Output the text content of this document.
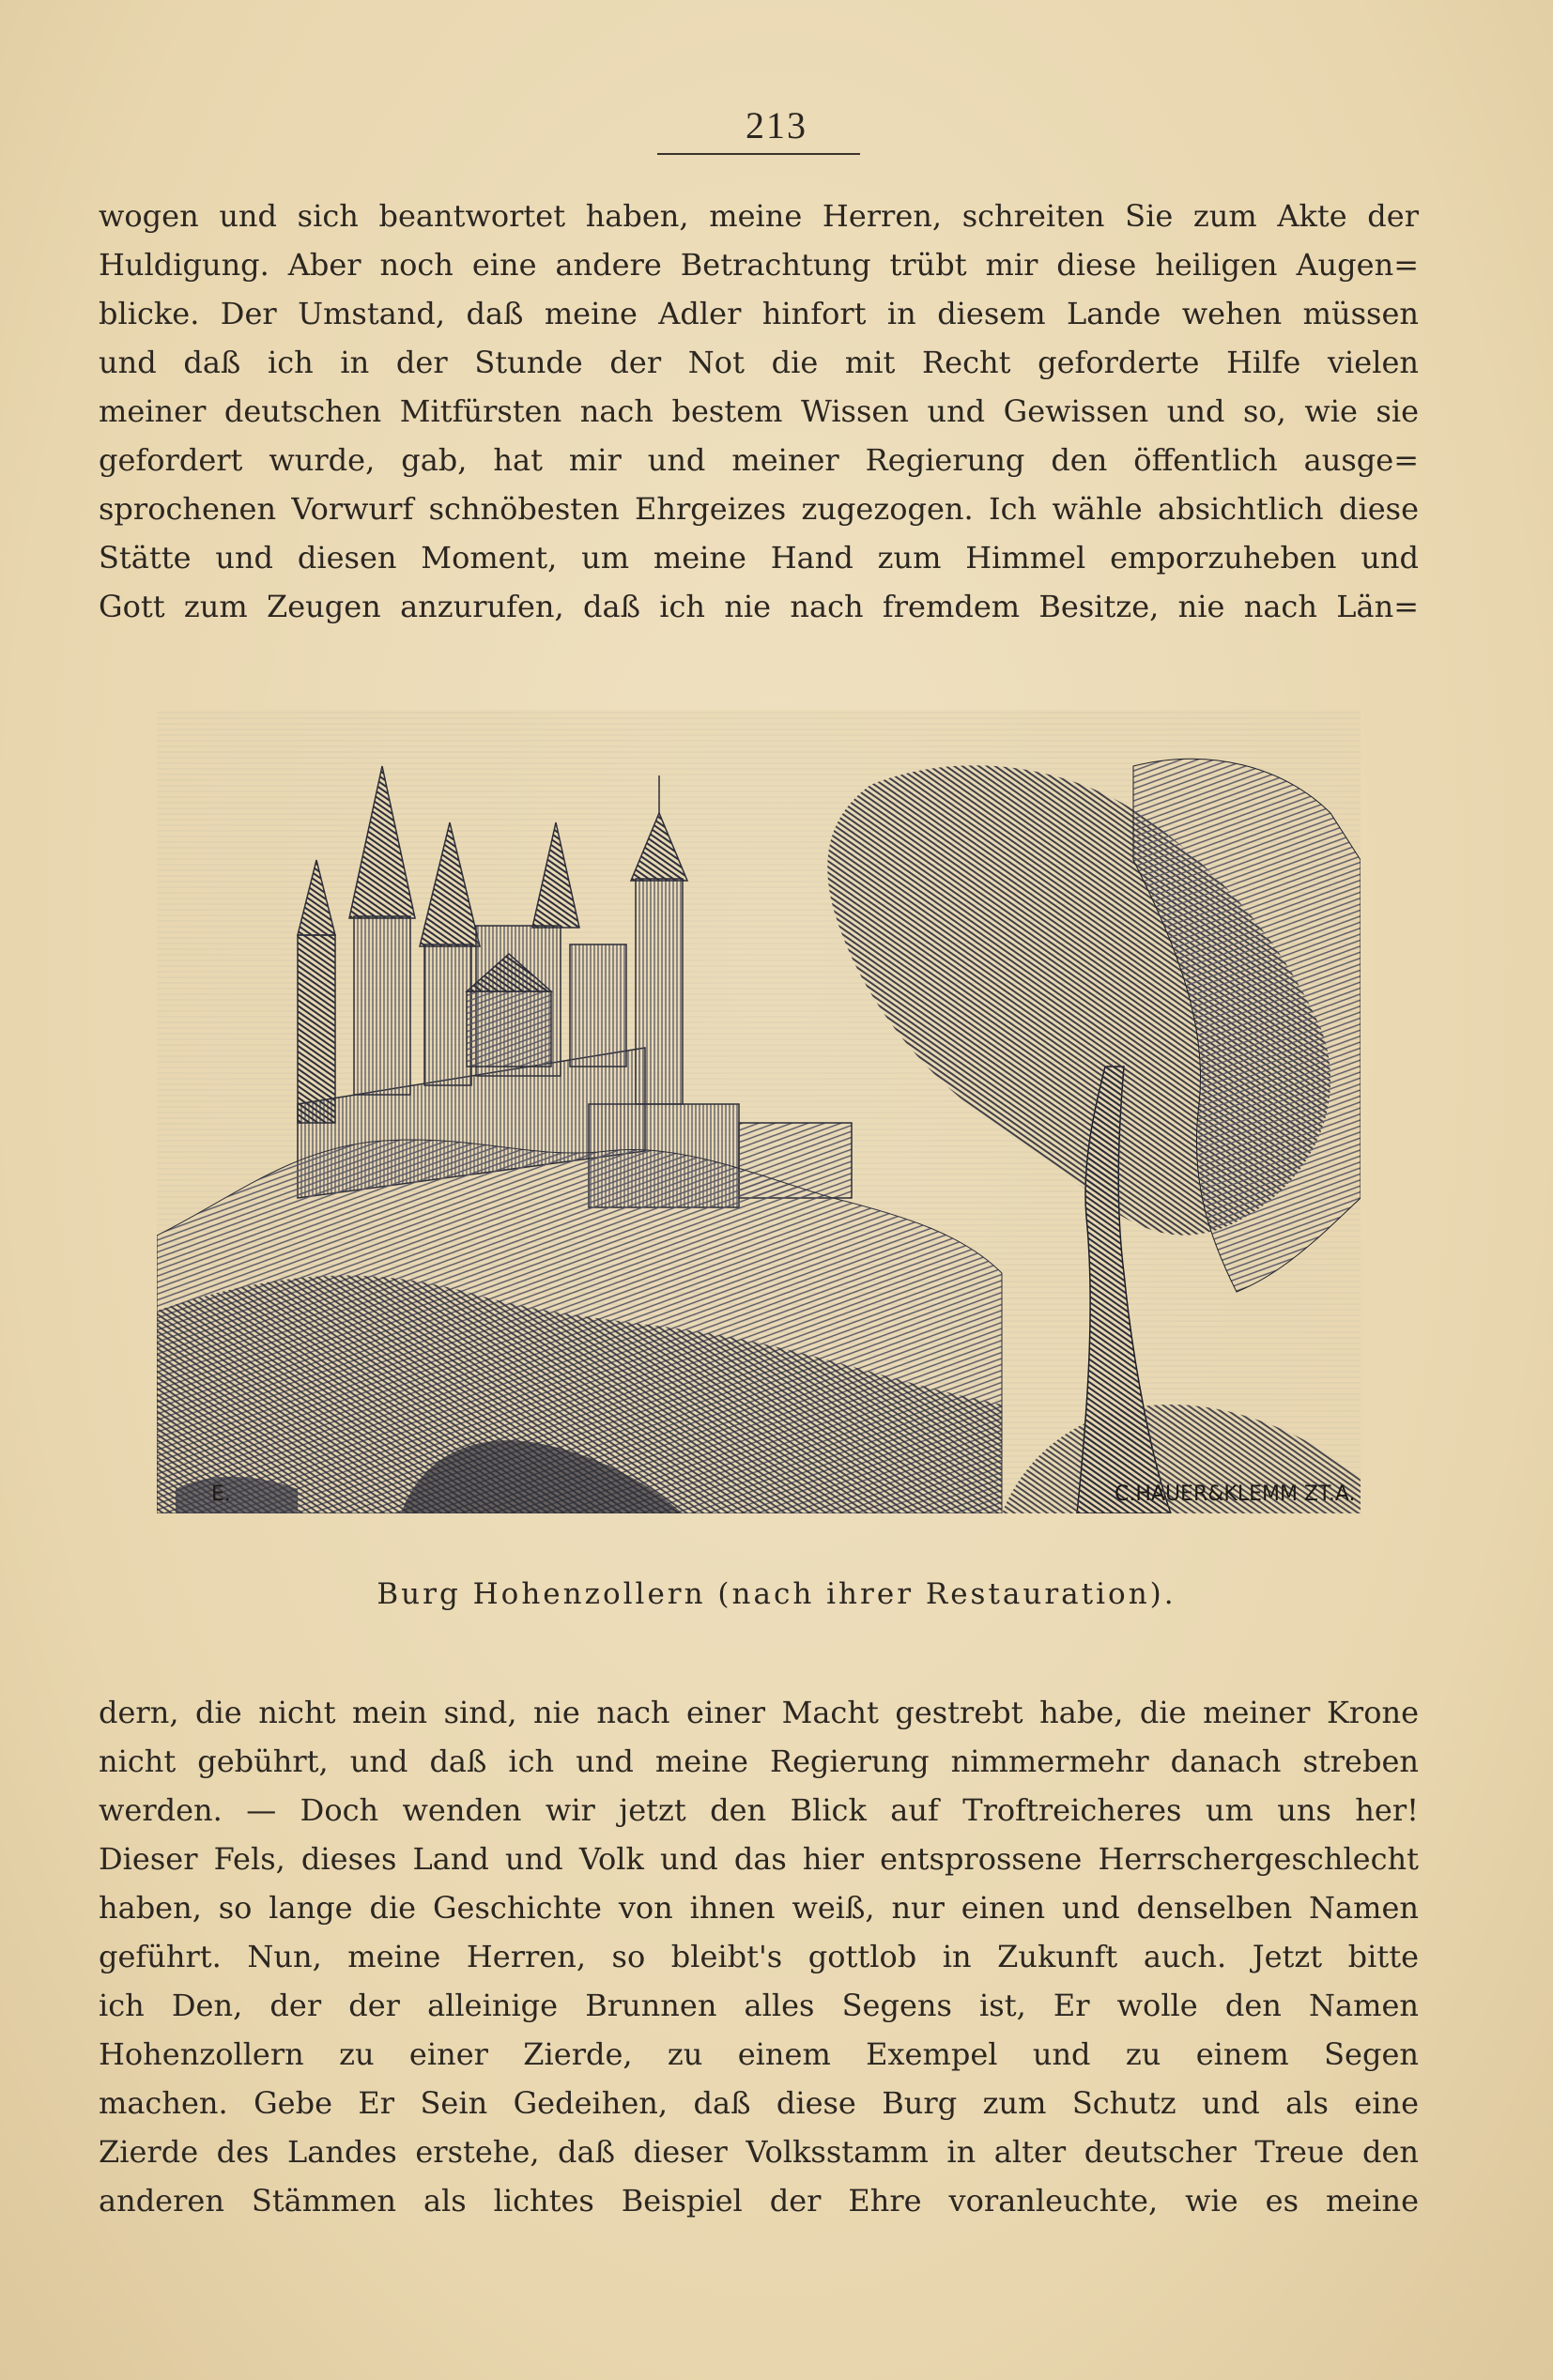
213
wogen und sich beantwortet haben, meine Herren, schreiten Sie zum Akte der
Huldigung. Aber noch eine andere Betrachtung trübt mir diese heiligen Augen=
blicke. Der Umstand, daß meine Adler hinfort in diesem Lande wehen müssen
und daß ich in der Stunde der Not die mit Recht geforderte Hilfe vielen
meiner deutschen Mitfürsten nach bestem Wissen und Gewissen und so, wie sie
gefordert wurde, gab, hat mir und meiner Regierung den öffentlich ausge=
sprochenen Vorwurf schnöbesten Ehrgeizes zugezogen. Ich wähle absichtlich diese
Stätte und diesen Moment, um meine Hand zum Himmel emporzuheben und
Gott zum Zeugen anzurufen, daß ich nie nach fremdem Besitze, nie nach Län=
E.	C.HAUER&KLEMM ZT.A.
Burg Hohenzollern (nach ihrer Restauration).
dern, die nicht mein sind, nie nach einer Macht gestrebt habe, die meiner Krone
nicht gebührt, und daß ich und meine Regierung nimmermehr danach streben
werden. — Doch wenden wir jetzt den Blick auf Troftreicheres um uns her!
Dieser Fels, dieses Land und Volk und das hier entsprossene Herrschergeschlecht
haben, so lange die Geschichte von ihnen weiß, nur einen und denselben Namen
geführt. Nun, meine Herren, so bleibt's gottlob in Zukunft auch. Jetzt bitte
ich Den, der der alleinige Brunnen alles Segens ist, Er wolle den Namen
Hohenzollern zu einer Zierde, zu einem Exempel und zu einem Segen
machen. Gebe Er Sein Gedeihen, daß diese Burg zum Schutz und als eine
Zierde des Landes erstehe, daß dieser Volksstamm in alter deutscher Treue den
anderen Stämmen als lichtes Beispiel der Ehre voranleuchte, wie es meine
